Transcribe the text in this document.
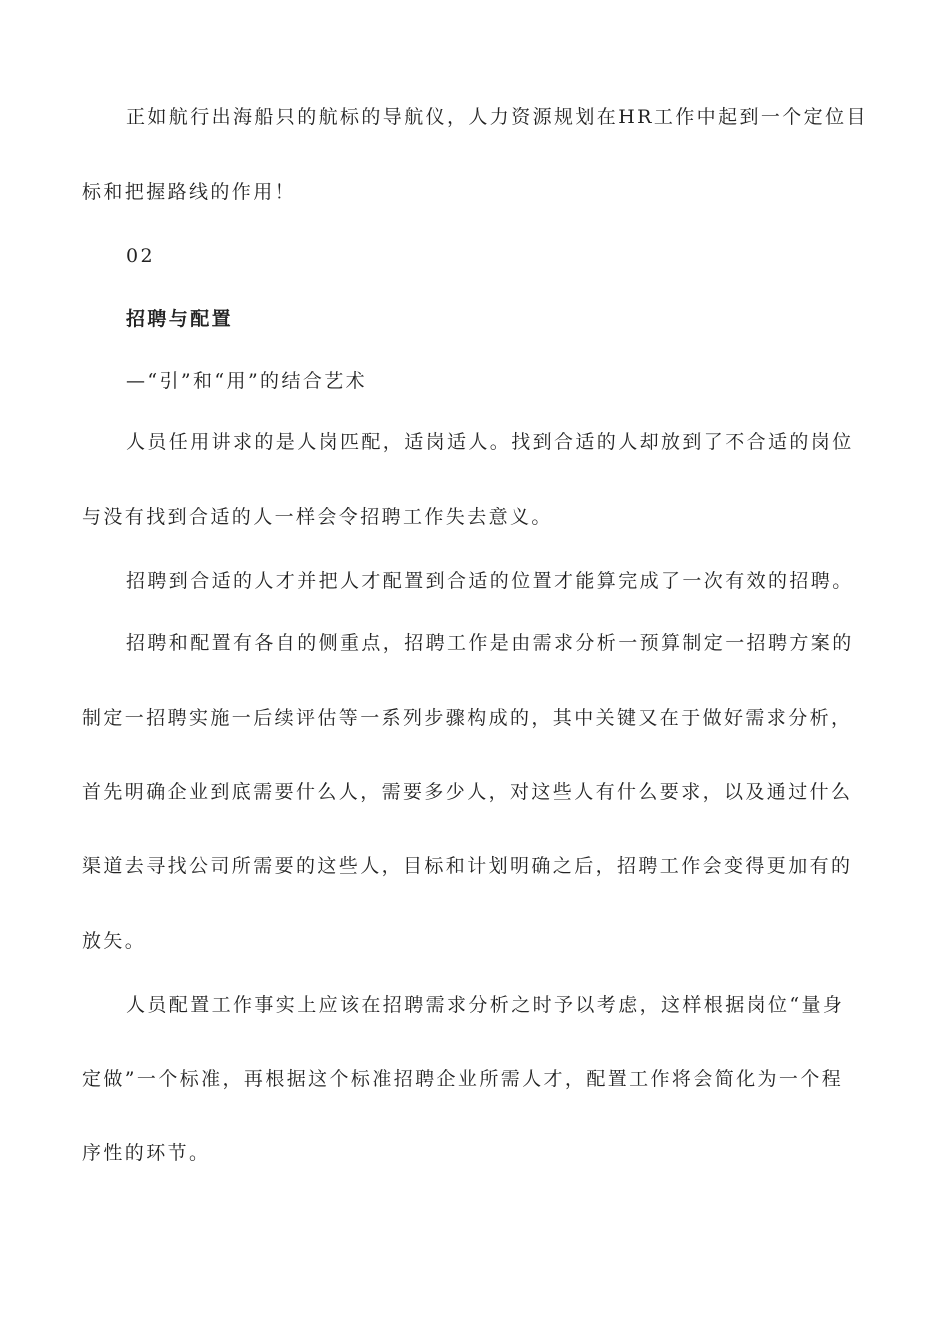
正如航行出海船只的航标的导航仪，人力资源规划在HR工作中起到一个定位目
标和把握路线的作用！
02
招聘与配置
—“引”和“用”的结合艺术
人员任用讲求的是人岗匹配，适岗适人。找到合适的人却放到了不合适的岗位
与没有找到合适的人一样会令招聘工作失去意义。
招聘到合适的人才并把人才配置到合适的位置才能算完成了一次有效的招聘。
招聘和配置有各自的侧重点，招聘工作是由需求分析一预算制定一招聘方案的
制定一招聘实施一后续评估等一系列步骤构成的，其中关键又在于做好需求分析，
首先明确企业到底需要什么人，需要多少人，对这些人有什么要求，以及通过什么
渠道去寻找公司所需要的这些人，目标和计划明确之后，招聘工作会变得更加有的
放矢。
人员配置工作事实上应该在招聘需求分析之时予以考虑，这样根据岗位“量身
定做”一个标准，再根据这个标准招聘企业所需人才，配置工作将会简化为一个程
序性的环节。
